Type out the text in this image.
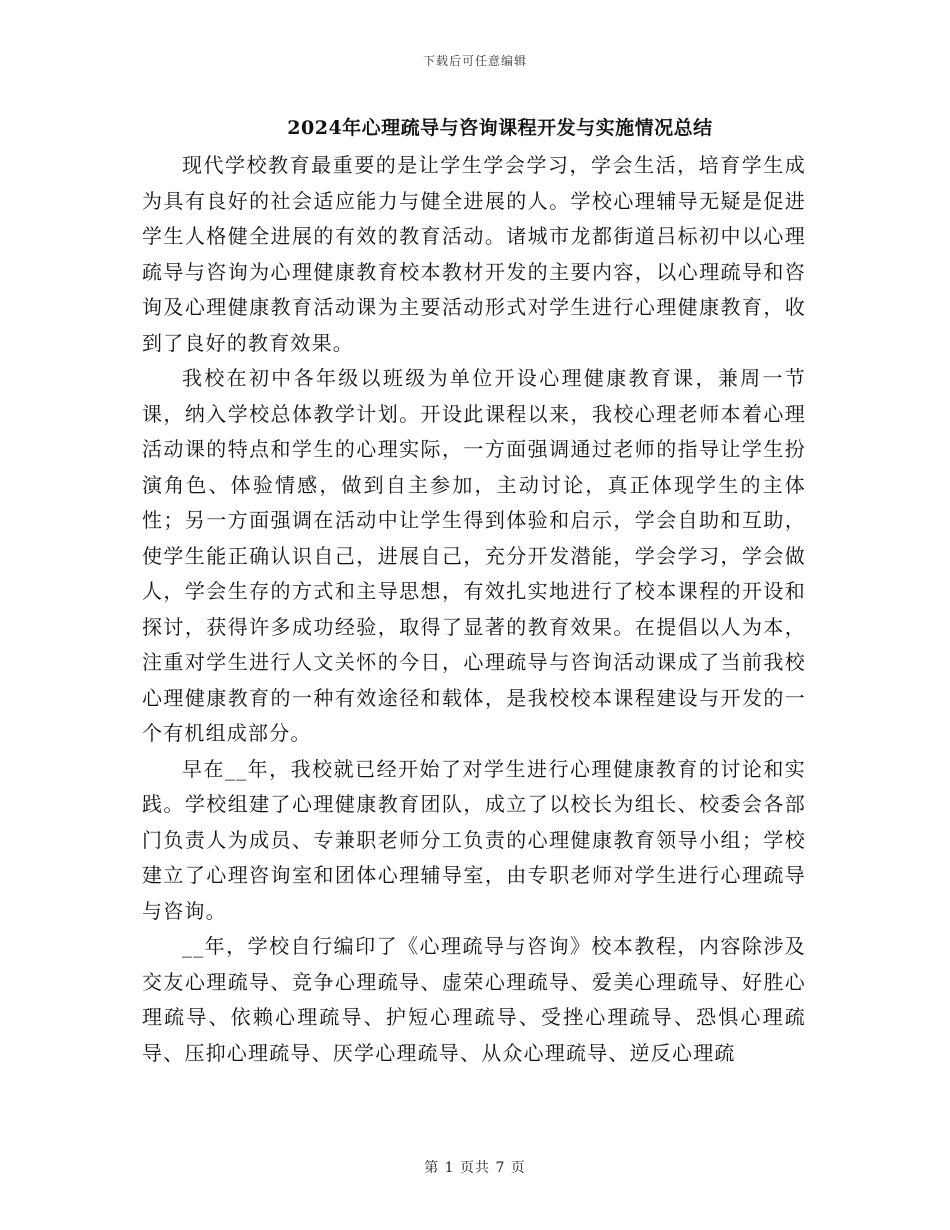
下载后可任意编辑
2024年心理疏导与咨询课程开发与实施情况总结

现代学校教育最重要的是让学生学会学习，学会生活，培育学生成为具有良好的社会适应能力与健全进展的人。学校心理辅导无疑是促进学生人格健全进展的有效的教育活动。诸城市龙都街道吕标初中以心理疏导与咨询为心理健康教育校本教材开发的主要内容，以心理疏导和咨询及心理健康教育活动课为主要活动形式对学生进行心理健康教育，收到了良好的教育效果。

我校在初中各年级以班级为单位开设心理健康教育课，兼周一节课，纳入学校总体教学计划。开设此课程以来，我校心理老师本着心理活动课的特点和学生的心理实际，一方面强调通过老师的指导让学生扮演角色、体验情感，做到自主参加，主动讨论，真正体现学生的主体性；另一方面强调在活动中让学生得到体验和启示，学会自助和互助，使学生能正确认识自己，进展自己，充分开发潜能，学会学习，学会做人，学会生存的方式和主导思想，有效扎实地进行了校本课程的开设和探讨，获得许多成功经验，取得了显著的教育效果。在提倡以人为本，注重对学生进行人文关怀的今日，心理疏导与咨询活动课成了当前我校心理健康教育的一种有效途径和载体，是我校校本课程建设与开发的一个有机组成部分。

早在__年，我校就已经开始了对学生进行心理健康教育的讨论和实践。学校组建了心理健康教育团队，成立了以校长为组长、校委会各部门负责人为成员、专兼职老师分工负责的心理健康教育领导小组；学校建立了心理咨询室和团体心理辅导室，由专职老师对学生进行心理疏导与咨询。

__年，学校自行编印了《心理疏导与咨询》校本教程，内容除涉及交友心理疏导、竞争心理疏导、虚荣心理疏导、爱美心理疏导、好胜心理疏导、依赖心理疏导、护短心理疏导、受挫心理疏导、恐惧心理疏导、压抑心理疏导、厌学心理疏导、从众心理疏导、逆反心理疏

第 1 页共 7 页
